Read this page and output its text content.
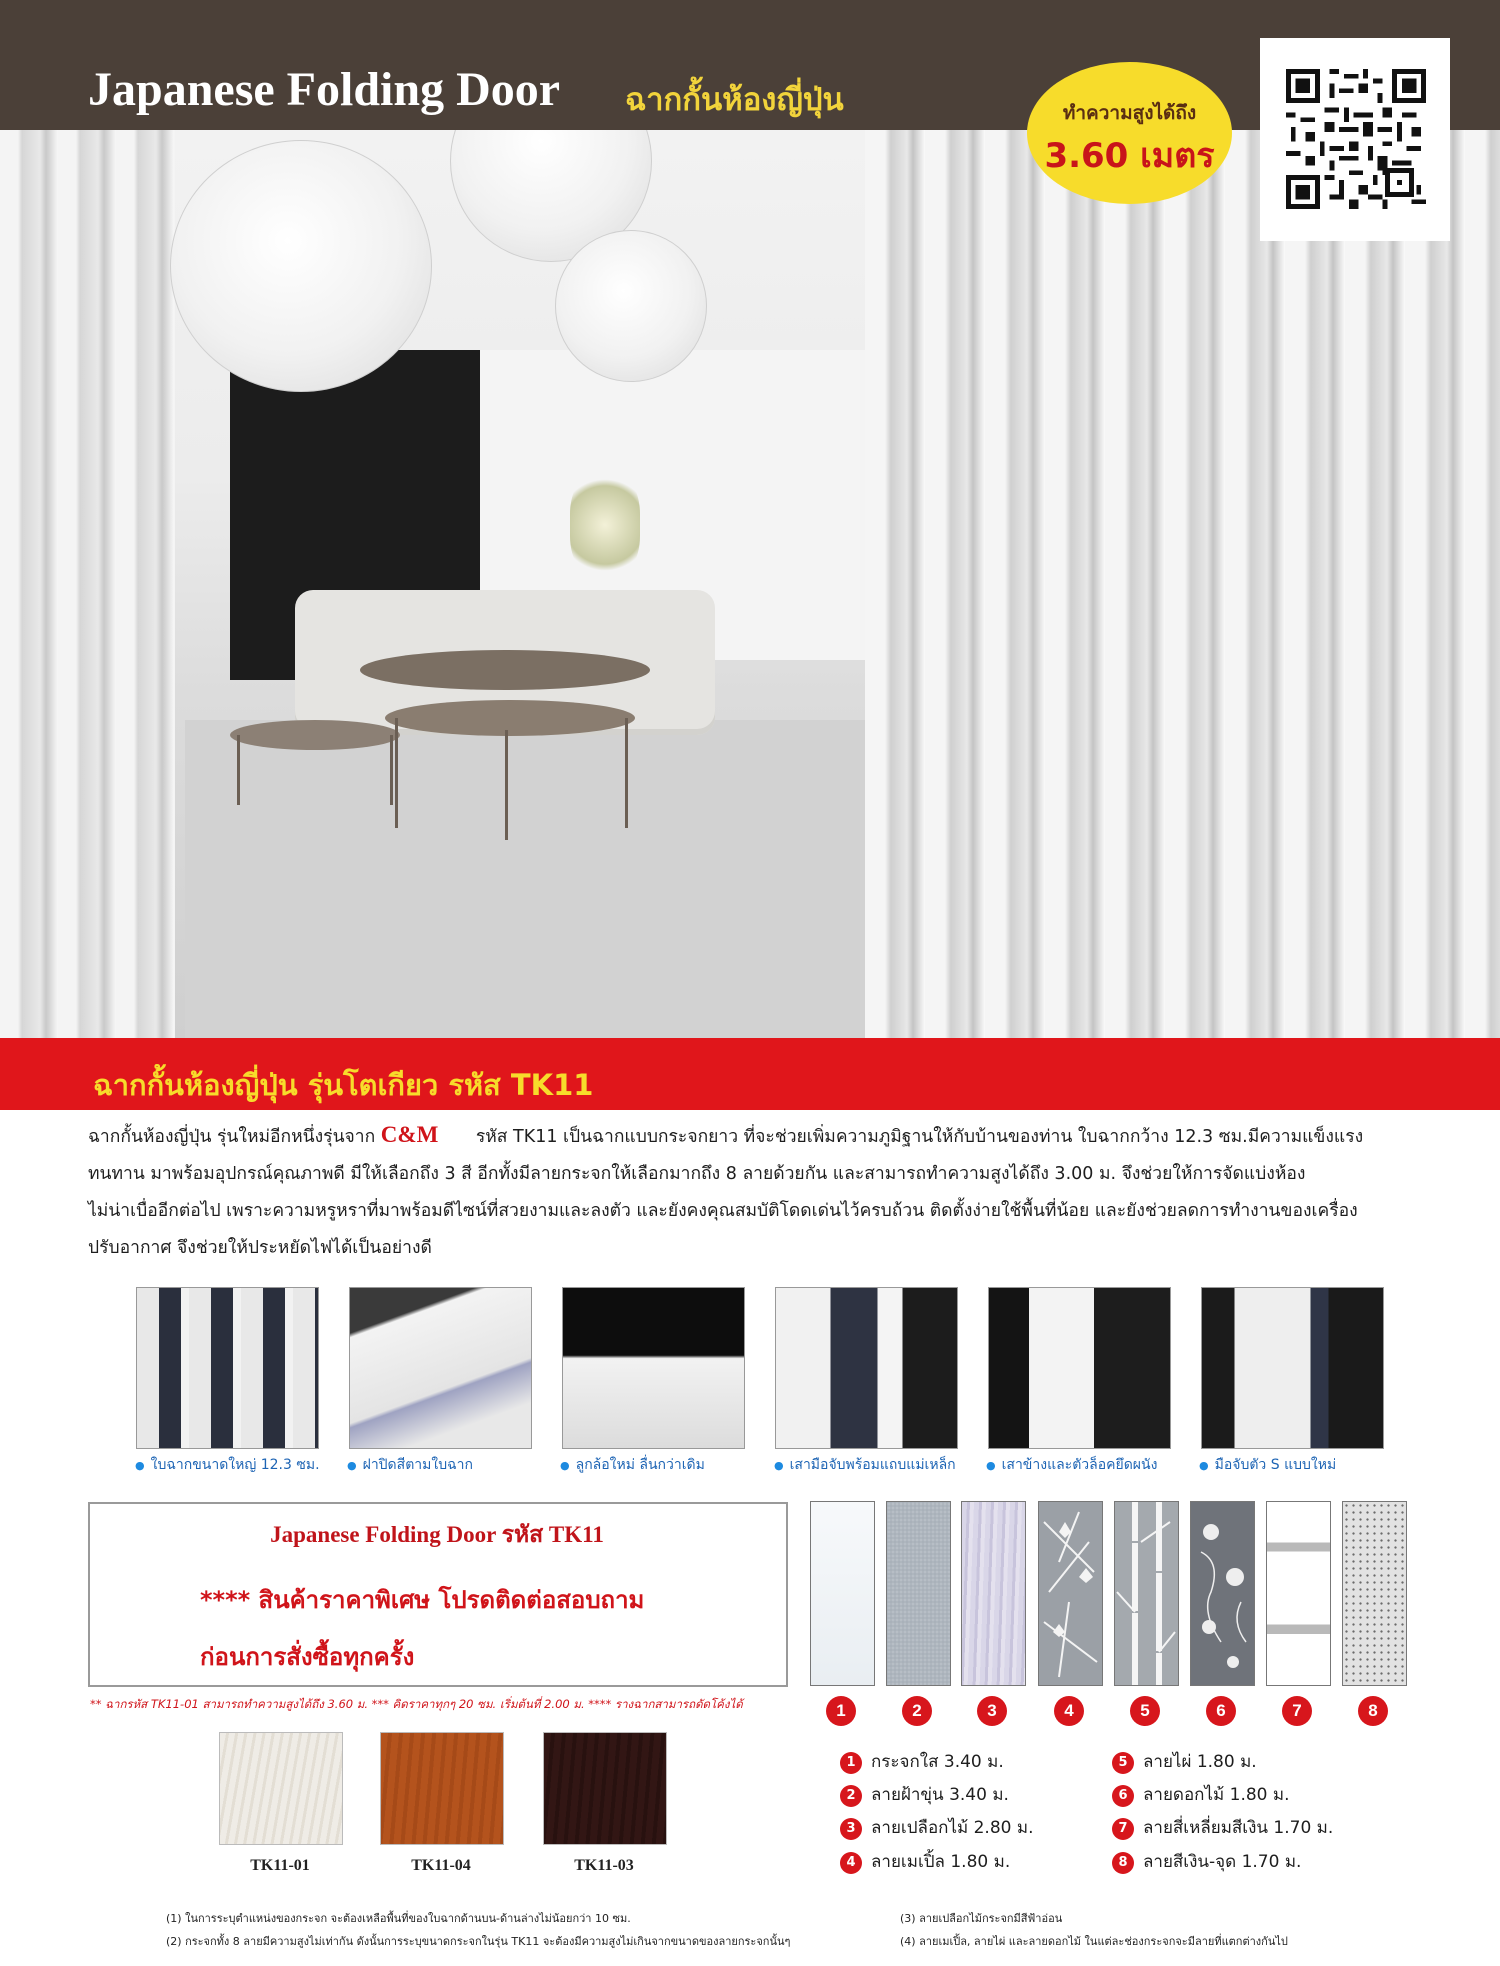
Japanese Folding Door ฉากกั้นห้องญี่ปุ่น	ทำความสูงได้ถึง
3.60 เมตร
ฉากกั้นห้องญี่ปุ่น รุ่นโตเกียว รหัส TK11
ฉากกั้นห้องญี่ปุ่น รุ่นใหม่อีกหนึ่งรุ่นจาก C&M รหัส TK11 เป็นฉากแบบกระจกยาว ที่จะช่วยเพิ่มความภูมิฐานให้กับบ้านของท่าน ใบฉากกว้าง 12.3 ซม.มีความแข็งแรง
ทนทาน มาพร้อมอุปกรณ์คุณภาพดี มีให้เลือกถึง 3 สี อีกทั้งมีลายกระจกให้เลือกมากถึง 8 ลายด้วยกัน และสามารถทำความสูงได้ถึง 3.00 ม. จึงช่วยให้การจัดแบ่งห้อง
ไม่น่าเบื่ออีกต่อไป เพราะความหรูหราที่มาพร้อมดีไซน์ที่สวยงามและลงตัว และยังคงคุณสมบัติโดดเด่นไว้ครบถ้วน ติดตั้งง่ายใช้พื้นที่น้อย และยังช่วยลดการทำงานของเครื่อง
ปรับอากาศ จึงช่วยให้ประหยัดไฟได้เป็นอย่างดี
● ใบฉากขนาดใหญ่ 12.3 ซม. ● ฝาปิดสีตามใบฉาก	● ลูกล้อใหม่ ลื่นกว่าเดิม	● เสามือจับพร้อมแถบแม่เหล็ก	● เสาข้างและตัวล็อคยึดผนัง	● มือจับตัว S แบบใหม่
Japanese Folding Door รหัส TK11
**** สินค้าราคาพิเศษ โปรดติดต่อสอบถาม
ก่อนการสั่งซื้อทุกครั้ง
** ฉากรหัส TK11-01 สามารถทำความสูงได้ถึง 3.60 ม. *** คิดราคาทุกๆ 20 ซม. เริ่มต้นที่ 2.00 ม. **** รางฉากสามารถดัดโค้งได้
TK11-01	TK11-04	TK11-03
1	2	3	4	5	6	7	8
1 กระจกใส 3.40 ม.
2 ลายฝ้าขุ่น 3.40 ม.
3 ลายเปลือกไม้ 2.80 ม.
4 ลายเมเปิ้ล 1.80 ม.
5 ลายไผ่ 1.80 ม.
6 ลายดอกไม้ 1.80 ม.
7 ลายสี่เหลี่ยมสีเงิน 1.70 ม.
8 ลายสีเงิน-จุด 1.70 ม.
(1) ในการระบุตำแหน่งของกระจก จะต้องเหลือพื้นที่ของใบฉากด้านบน-ด้านล่างไม่น้อยกว่า 10 ซม.
(2) กระจกทั้ง 8 ลายมีความสูงไม่เท่ากัน ดังนั้นการระบุขนาดกระจกในรุ่น TK11 จะต้องมีความสูงไม่เกินจากขนาดของลายกระจกนั้นๆ
(3) ลายเปลือกไม้กระจกมีสีฟ้าอ่อน
(4) ลายเมเปิ้ล, ลายไผ่ และลายดอกไม้ ในแต่ละช่องกระจกจะมีลายที่แตกต่างกันไป
